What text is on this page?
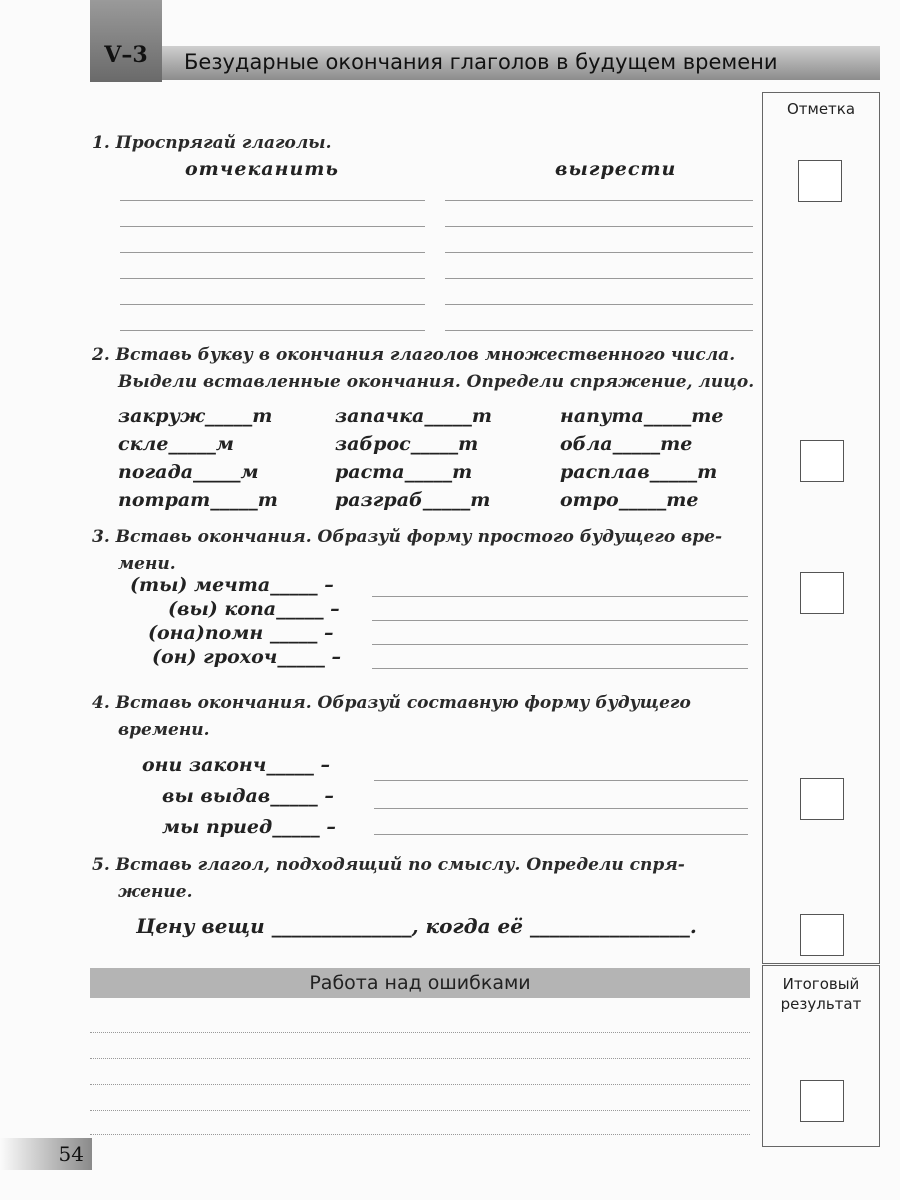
V–3	Безударные окончания глаголов в будущем времени
Отметка
Итоговый
результат
1. Проспрягай глаголы.
отчеканить	выгрести
2. Вставь букву в окончания глаголов множественного числа.
Выдели вставленные окончания. Определи спряжение, лицо.
закруж_____т	запачка_____т	напута_____те
скле_____м	заброс_____т	обла_____те
погада_____м	раста_____т	расплав_____т
потрат_____т	разграб_____т	отро_____те
3. Вставь окончания. Образуй форму простого будущего вре-
мени.
(ты) мечта_____ –
(вы) копа_____ –
(она)помн _____ –
(он) грохоч_____ –
4. Вставь окончания. Образуй составную форму будущего
времени.
они законч_____ –
вы выдав_____ –
мы приед_____ –
5. Вставь глагол, подходящий по смыслу. Определи спря-
жение.
Цену вещи ______________, когда её ________________.
Работа над ошибками
54
